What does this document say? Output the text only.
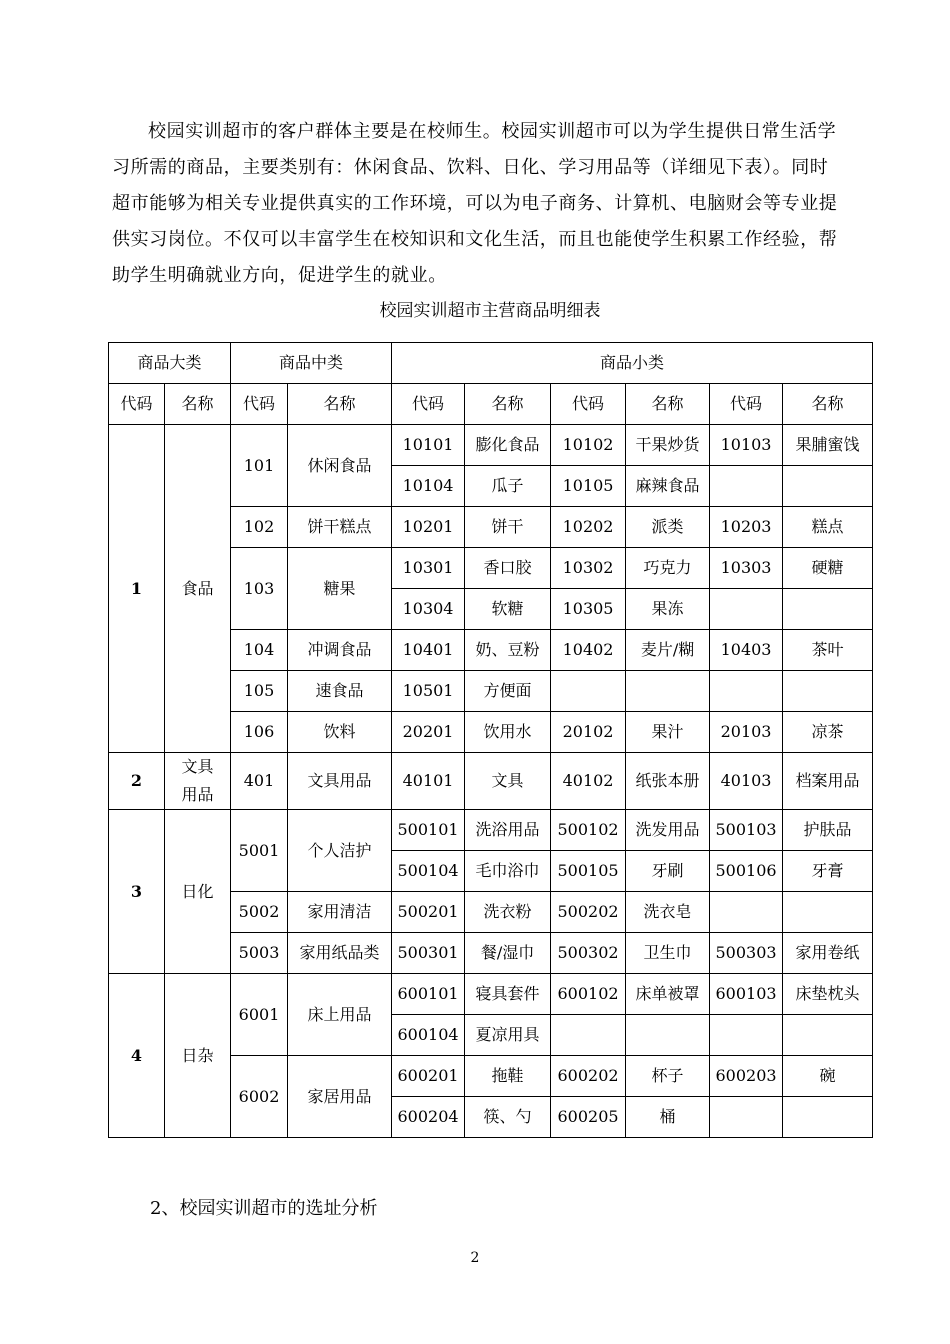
校园实训超市的客户群体主要是在校师生。校园实训超市可以为学生提供日常生活学习所需的商品，主要类别有：休闲食品、饮料、日化、学习用品等（详细见下表）。同时超市能够为相关专业提供真实的工作环境，可以为电子商务、计算机、电脑财会等专业提供实习岗位。不仅可以丰富学生在校知识和文化生活，而且也能使学生积累工作经验，帮助学生明确就业方向，促进学生的就业。

校园实训超市主营商品明细表

商品大类		商品中类		商品小类					
代码	名称	代码	名称	代码	名称	代码	名称	代码	名称
1	食品	101	休闲食品	10101	膨化食品	10102	干果炒货	10103	果脯蜜饯
				10104	瓜子	10105	麻辣食品		
		102	饼干糕点	10201	饼干	10202	派类	10203	糕点
		103	糖果	10301	香口胶	10302	巧克力	10303	硬糖
				10304	软糖	10305	果冻		
		104	冲调食品	10401	奶、豆粉	10402	麦片/糊	10403	茶叶
		105	速食品	10501	方便面				
		106	饮料	20201	饮用水	20102	果汁	20103	凉茶
2	文具用品	401	文具用品	40101	文具	40102	纸张本册	40103	档案用品
3	日化	5001	个人洁护	500101	洗浴用品	500102	洗发用品	500103	护肤品
				500104	毛巾浴巾	500105	牙刷	500106	牙膏
		5002	家用清洁	500201	洗衣粉	500202	洗衣皂		
		5003	家用纸品类	500301	餐/湿巾	500302	卫生巾	500303	家用卷纸
4	日杂	6001	床上用品	600101	寝具套件	600102	床单被罩	600103	床垫枕头
				600104	夏凉用具				
		6002	家居用品	600201	拖鞋	600202	杯子	600203	碗
				600204	筷、勺	600205	桶		

2、校园实训超市的选址分析

2
